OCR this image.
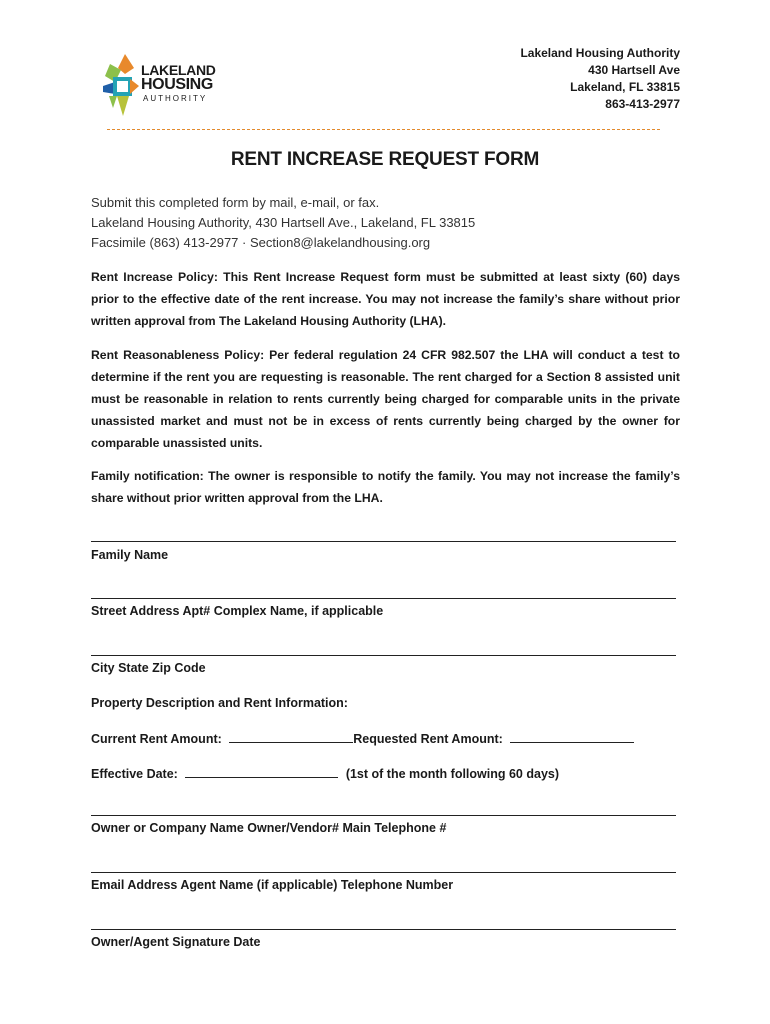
LAKELAND
HOUSING
AUTHORITY
Lakeland Housing Authority
430 Hartsell Ave
Lakeland, FL 33815
863-413-2977
RENT INCREASE REQUEST FORM
Submit this completed form by mail, e-mail, or fax.
Lakeland Housing Authority, 430 Hartsell Ave., Lakeland, FL 33815
Facsimile (863) 413-2977 · Section8@lakelandhousing.org

Rent Increase Policy: This Rent Increase Request form must be submitted at least sixty (60) days prior to the effective date of the rent increase. You may not increase the family’s share without prior written approval from The Lakeland Housing Authority (LHA).

Rent Reasonableness Policy: Per federal regulation 24 CFR 982.507 the LHA will conduct a test to determine if the rent you are requesting is reasonable. The rent charged for a Section 8 assisted unit must be reasonable in relation to rents currently being charged for comparable units in the private unassisted market and must not be in excess of rents currently being charged by the owner for comparable unassisted units.

Family notification: The owner is responsible to notify the family. You may not increase the family’s share without prior written approval from the LHA.

Family Name
Street Address Apt# Complex Name, if applicable
City State Zip Code
Property Description and Rent Information:
Current Rent Amount:	Requested Rent Amount:
Effective Date:	(1st of the month following 60 days)
Owner or Company Name Owner/Vendor# Main Telephone #
Email Address Agent Name (if applicable) Telephone Number
Owner/Agent Signature Date
